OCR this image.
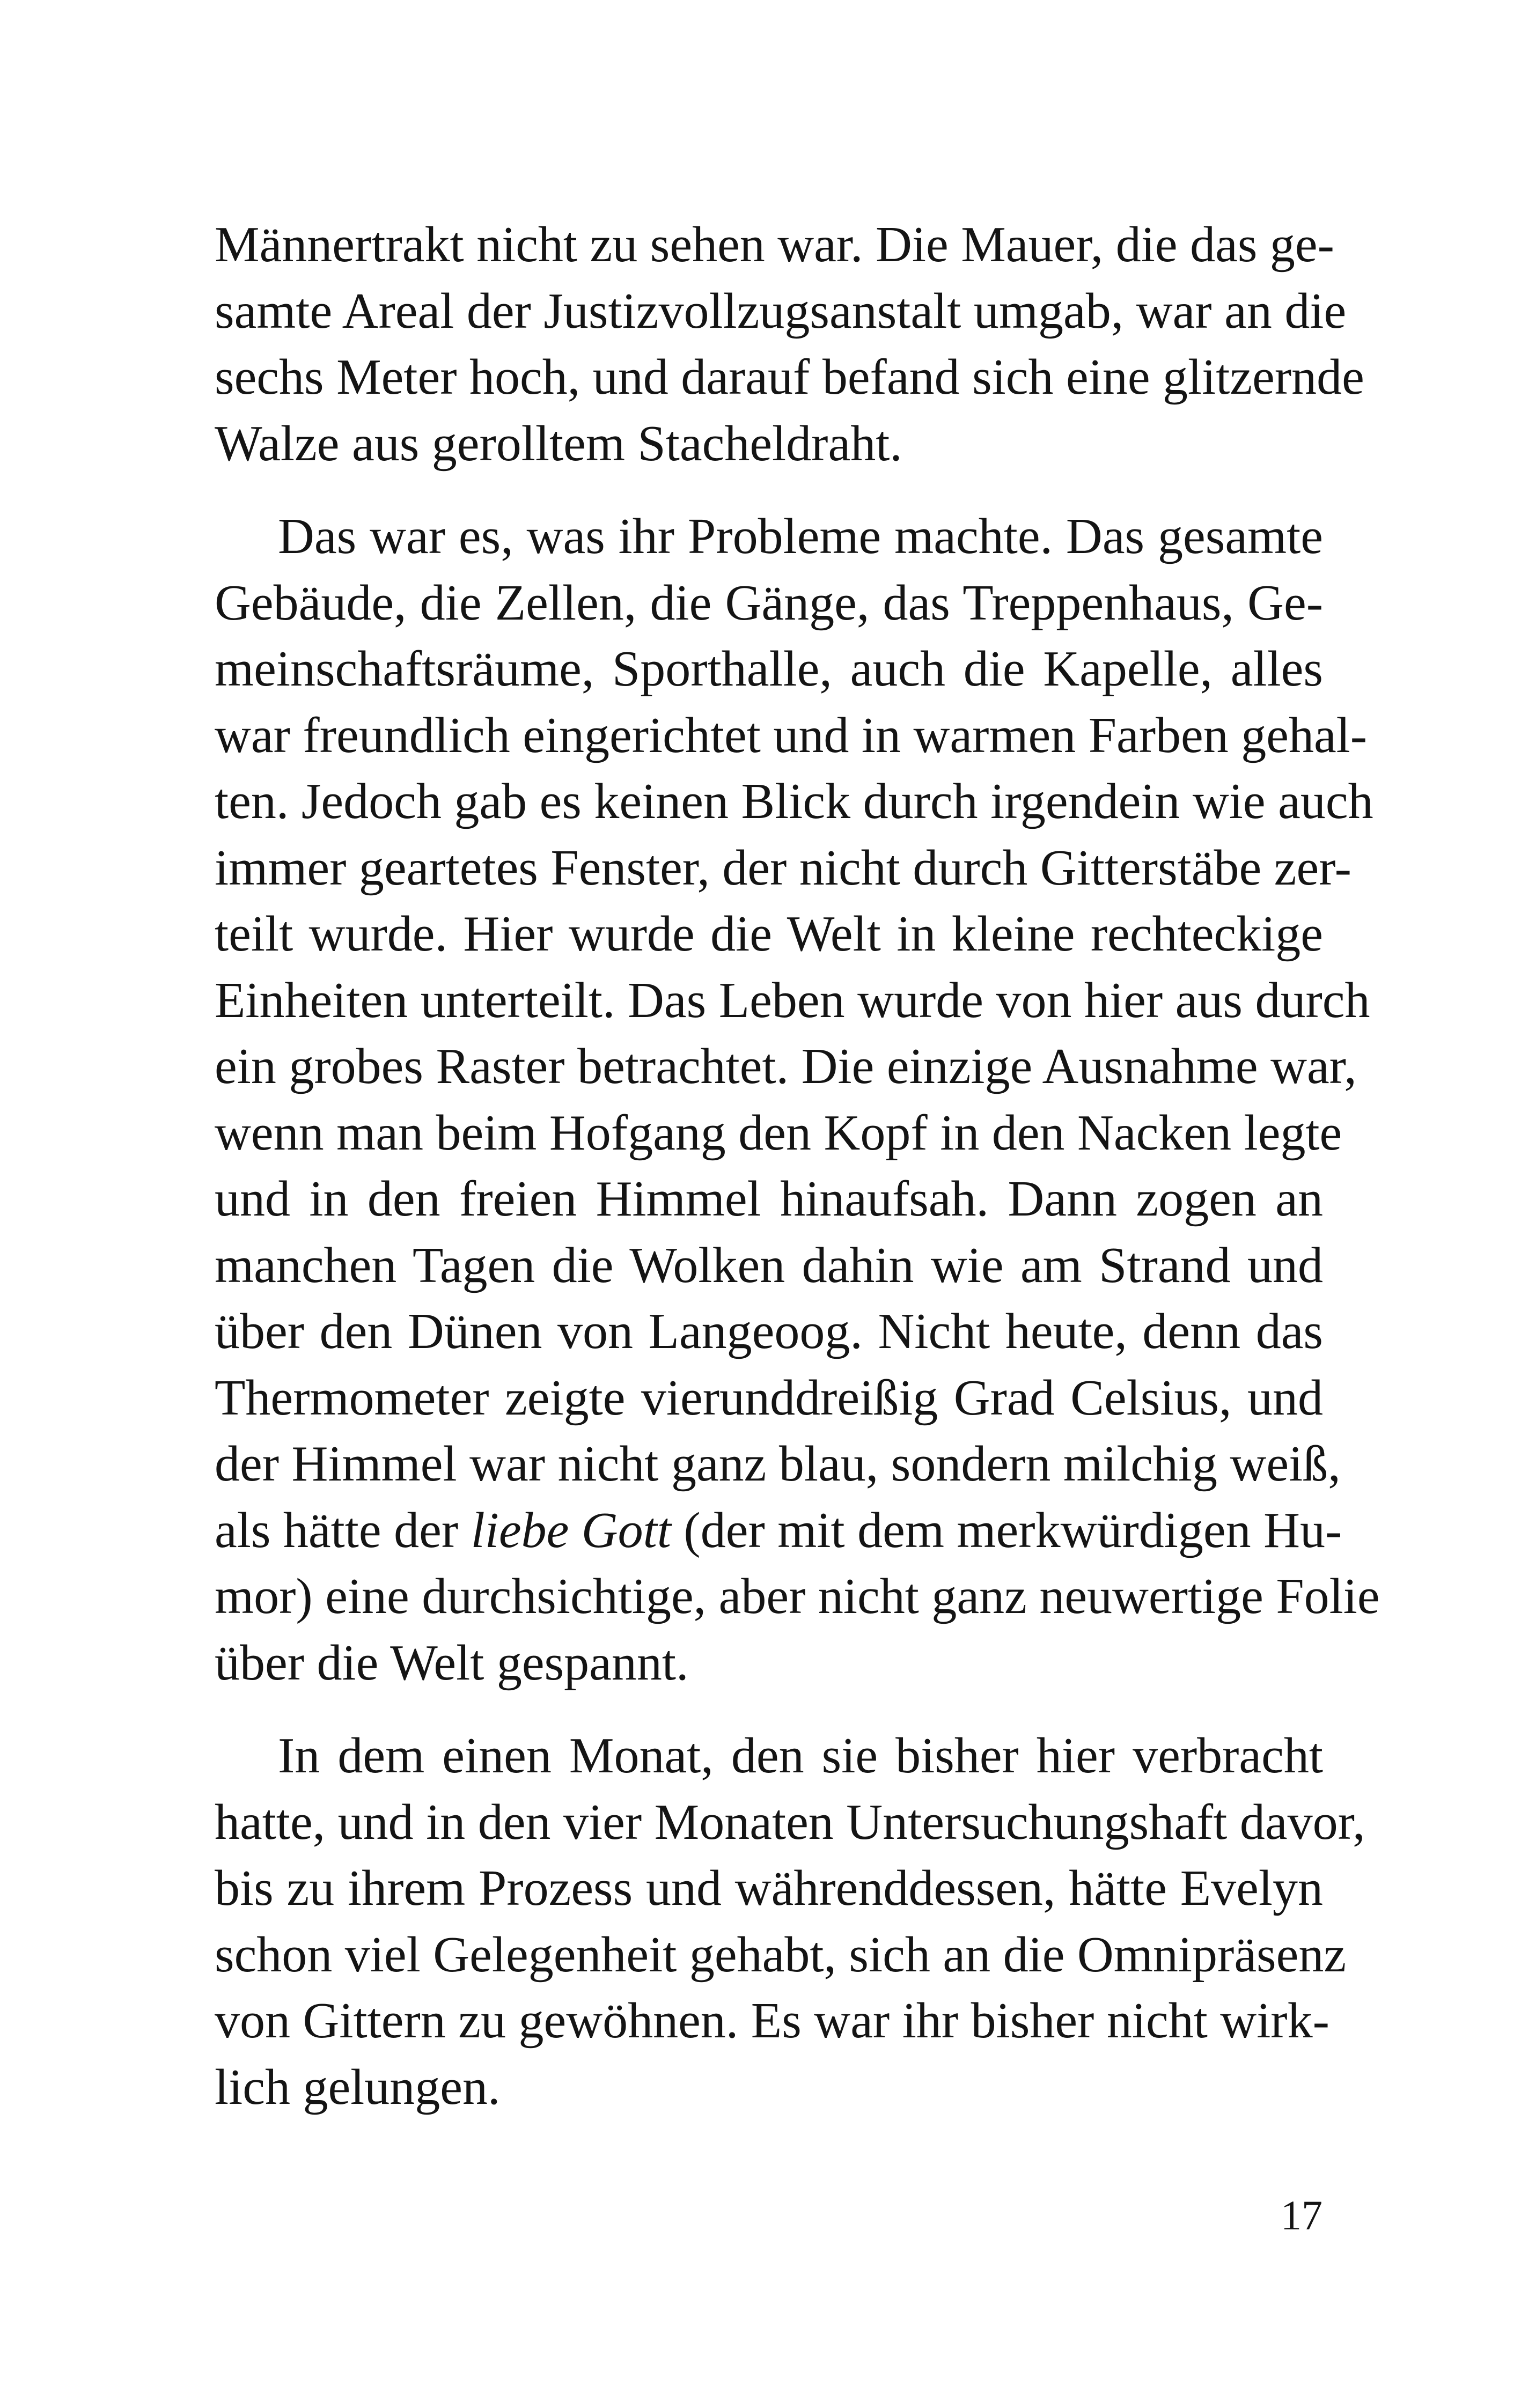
Männertrakt nicht zu sehen war. Die Mauer, die das ge-
samte Areal der Justizvollzugsanstalt umgab, war an die
sechs Meter hoch, und darauf befand sich eine glitzernde
Walze aus gerolltem Stacheldraht.
Das war es, was ihr Probleme machte. Das gesamte
Gebäude, die Zellen, die Gänge, das Treppenhaus, Ge-
meinschaftsräume, Sporthalle, auch die Kapelle, alles
war freundlich eingerichtet und in warmen Farben gehal-
ten. Jedoch gab es keinen Blick durch irgendein wie auch
immer geartetes Fenster, der nicht durch Gitterstäbe zer-
teilt wurde. Hier wurde die Welt in kleine rechteckige
Einheiten unterteilt. Das Leben wurde von hier aus durch
ein grobes Raster betrachtet. Die einzige Ausnahme war,
wenn man beim Hofgang den Kopf in den Nacken legte
und in den freien Himmel hinaufsah. Dann zogen an
manchen Tagen die Wolken dahin wie am Strand und
über den Dünen von Langeoog. Nicht heute, denn das
Thermometer zeigte vierunddreißig Grad Celsius, und
der Himmel war nicht ganz blau, sondern milchig weiß,
als hätte der liebe Gott (der mit dem merkwürdigen Hu-
mor) eine durchsichtige, aber nicht ganz neuwertige Folie
über die Welt gespannt.
In dem einen Monat, den sie bisher hier verbracht
hatte, und in den vier Monaten Untersuchungshaft davor,
bis zu ihrem Prozess und währenddessen, hätte Evelyn
schon viel Gelegenheit gehabt, sich an die Omnipräsenz
von Gittern zu gewöhnen. Es war ihr bisher nicht wirk-
lich gelungen.
17
